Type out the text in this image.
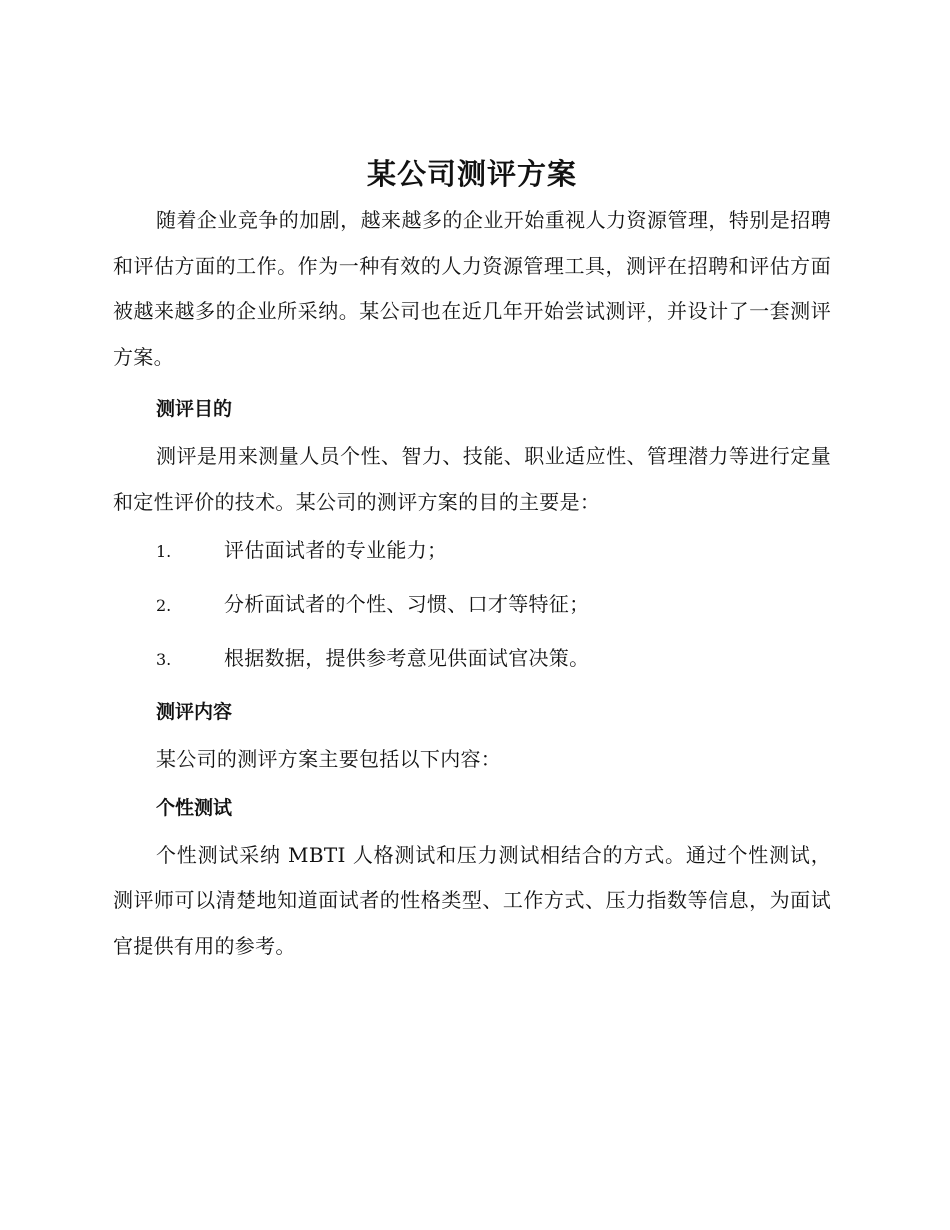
某公司测评方案

随着企业竞争的加剧，越来越多的企业开始重视人力资源管理，特别是招聘和评估方面的工作。作为一种有效的人力资源管理工具，测评在招聘和评估方面被越来越多的企业所采纳。某公司也在近几年开始尝试测评，并设计了一套测评方案。

测评目的

测评是用来测量人员个性、智力、技能、职业适应性、管理潜力等进行定量和定性评价的技术。某公司的测评方案的目的主要是：

1.	评估面试者的专业能力；
2.	分析面试者的个性、习惯、口才等特征；
3.	根据数据，提供参考意见供面试官决策。
测评内容

某公司的测评方案主要包括以下内容：

个性测试

个性测试采纳 MBTI 人格测试和压力测试相结合的方式。通过个性测试，测评师可以清楚地知道面试者的性格类型、工作方式、压力指数等信息，为面试官提供有用的参考。
